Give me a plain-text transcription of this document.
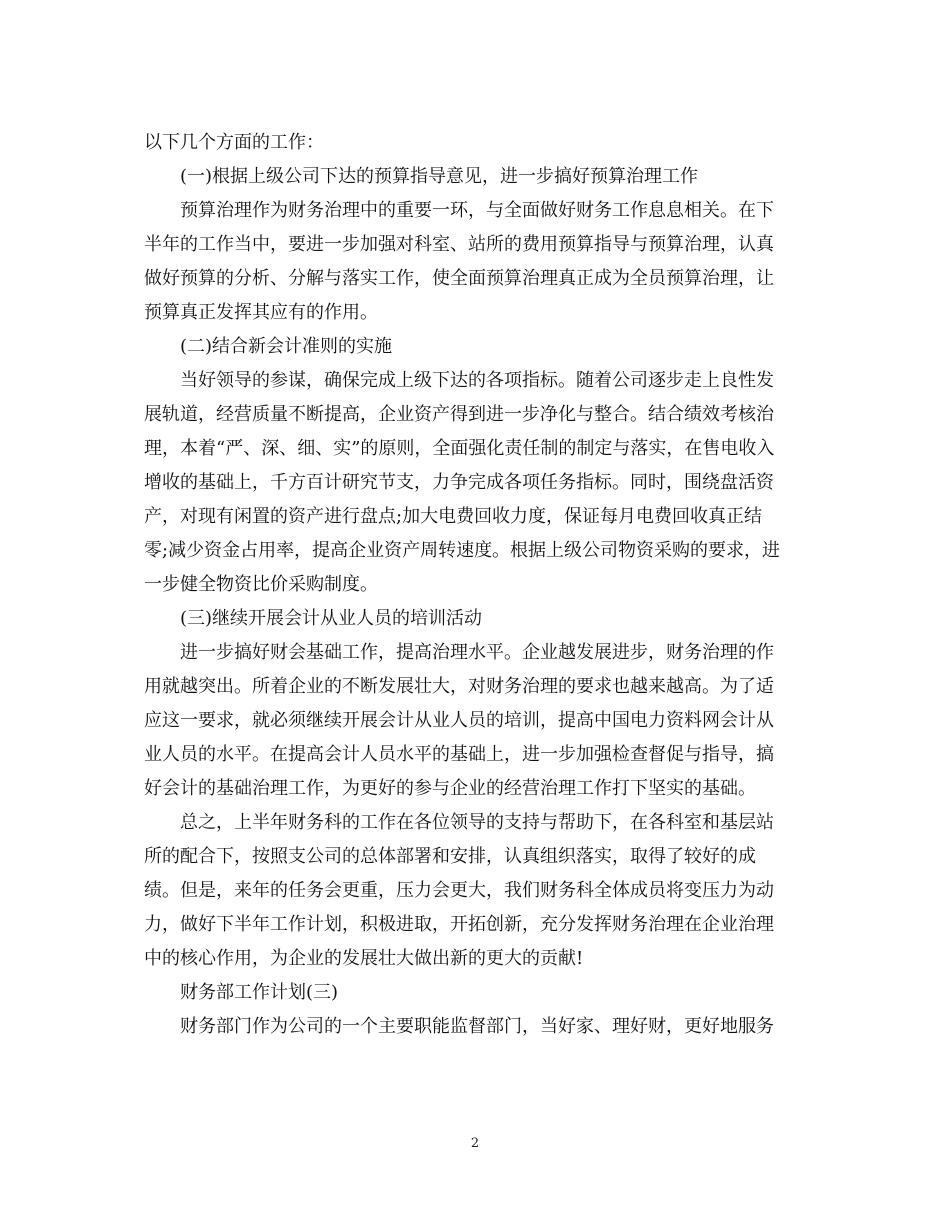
以下几个方面的工作：
(一)根据上级公司下达的预算指导意见，进一步搞好预算治理工作
预算治理作为财务治理中的重要一环，与全面做好财务工作息息相关。在下
半年的工作当中，要进一步加强对科室、站所的费用预算指导与预算治理，认真
做好预算的分析、分解与落实工作，使全面预算治理真正成为全员预算治理，让
预算真正发挥其应有的作用。
(二)结合新会计准则的实施
当好领导的参谋，确保完成上级下达的各项指标。随着公司逐步走上良性发
展轨道，经营质量不断提高，企业资产得到进一步净化与整合。结合绩效考核治
理，本着“严、深、细、实”的原则，全面强化责任制的制定与落实，在售电收入
增收的基础上，千方百计研究节支，力争完成各项任务指标。同时，围绕盘活资
产，对现有闲置的资产进行盘点;加大电费回收力度，保证每月电费回收真正结
零;减少资金占用率，提高企业资产周转速度。根据上级公司物资采购的要求，进
一步健全物资比价采购制度。
(三)继续开展会计从业人员的培训活动
进一步搞好财会基础工作，提高治理水平。企业越发展进步，财务治理的作
用就越突出。所着企业的不断发展壮大，对财务治理的要求也越来越高。为了适
应这一要求，就必须继续开展会计从业人员的培训，提高中国电力资料网会计从
业人员的水平。在提高会计人员水平的基础上，进一步加强检查督促与指导，搞
好会计的基础治理工作，为更好的参与企业的经营治理工作打下坚实的基础。
总之，上半年财务科的工作在各位领导的支持与帮助下，在各科室和基层站
所的配合下，按照支公司的总体部署和安排，认真组织落实，取得了较好的成
绩。但是，来年的任务会更重，压力会更大，我们财务科全体成员将变压力为动
力，做好下半年工作计划，积极进取，开拓创新，充分发挥财务治理在企业治理
中的核心作用，为企业的发展壮大做出新的更大的贡献!
财务部工作计划(三)
财务部门作为公司的一个主要职能监督部门，当好家、理好财，更好地服务
2
